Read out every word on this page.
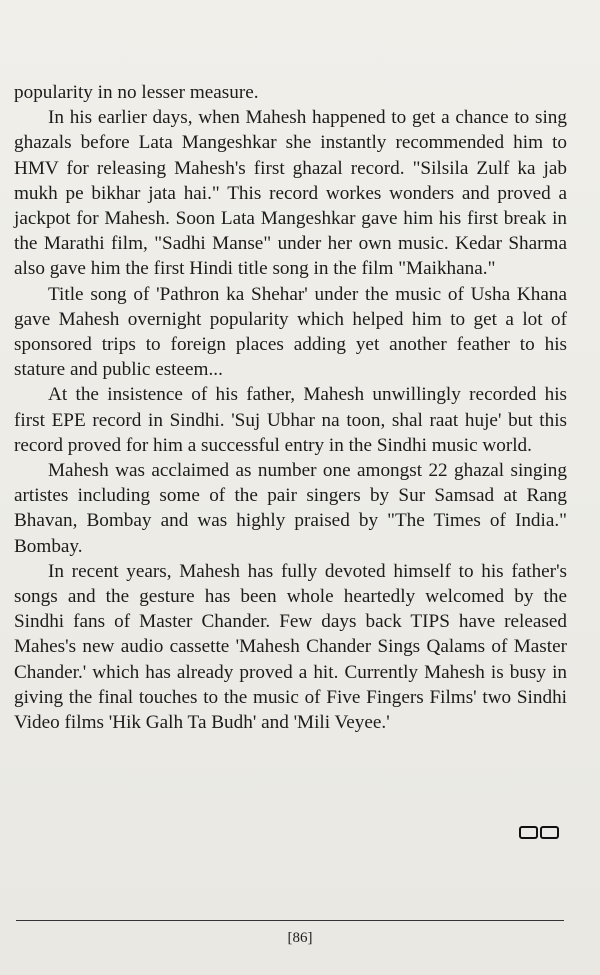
popularity in no lesser measure.

In his earlier days, when Mahesh happened to get a chance to sing ghazals before Lata Mangeshkar she instantly recommended him to HMV for releasing Mahesh's first ghazal record. "Silsila Zulf ka jab mukh pe bikhar jata hai." This record workes wonders and proved a jackpot for Mahesh. Soon Lata Mangeshkar gave him his first break in the Marathi film, "Sadhi Manse" under her own music. Kedar Sharma also gave him the first Hindi title song in the film "Maikhana."

Title song of 'Pathron ka Shehar' under the music of Usha Khana gave Mahesh overnight popularity which helped him to get a lot of sponsored trips to foreign places adding yet another feather to his stature and public esteem...

At the insistence of his father, Mahesh unwillingly recorded his first EPE record in Sindhi. 'Suj Ubhar na toon, shal raat huje' but this record proved for him a successful entry in the Sindhi music world.

Mahesh was acclaimed as number one amongst 22 ghazal singing artistes including some of the pair singers by Sur Samsad at Rang Bhavan, Bombay and was highly praised by "The Times of India." Bombay.

In recent years, Mahesh has fully devoted himself to his father's songs and the gesture has been whole heartedly welcomed by the Sindhi fans of Master Chander. Few days back TIPS have released Mahes's new audio cassette 'Mahesh Chander Sings Qalams of Master Chander.' which has already proved a hit. Currently Mahesh is busy in giving the final touches to the music of Five Fingers Films' two Sindhi Video films 'Hik Galh Ta Budh' and 'Mili Veyee.'

[86]
